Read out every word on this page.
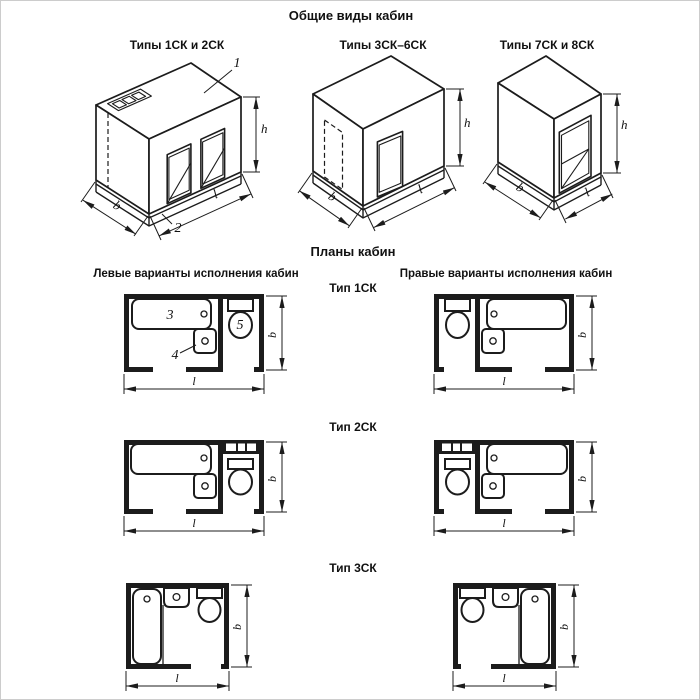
Общие виды кабин
Типы 1СК и 2СК	Типы 3СК–6СК	Типы 7СК и 8СК
Планы кабин
Левые варианты исполнения кабин	Правые варианты исполнения кабин
Тип 1СК
Тип 2СК
Тип 3СК
1
2
b
l
h
b	l
h
b	l
h
3
4
5
b
l
b
l
b
l
b
l
b
l
b
l
